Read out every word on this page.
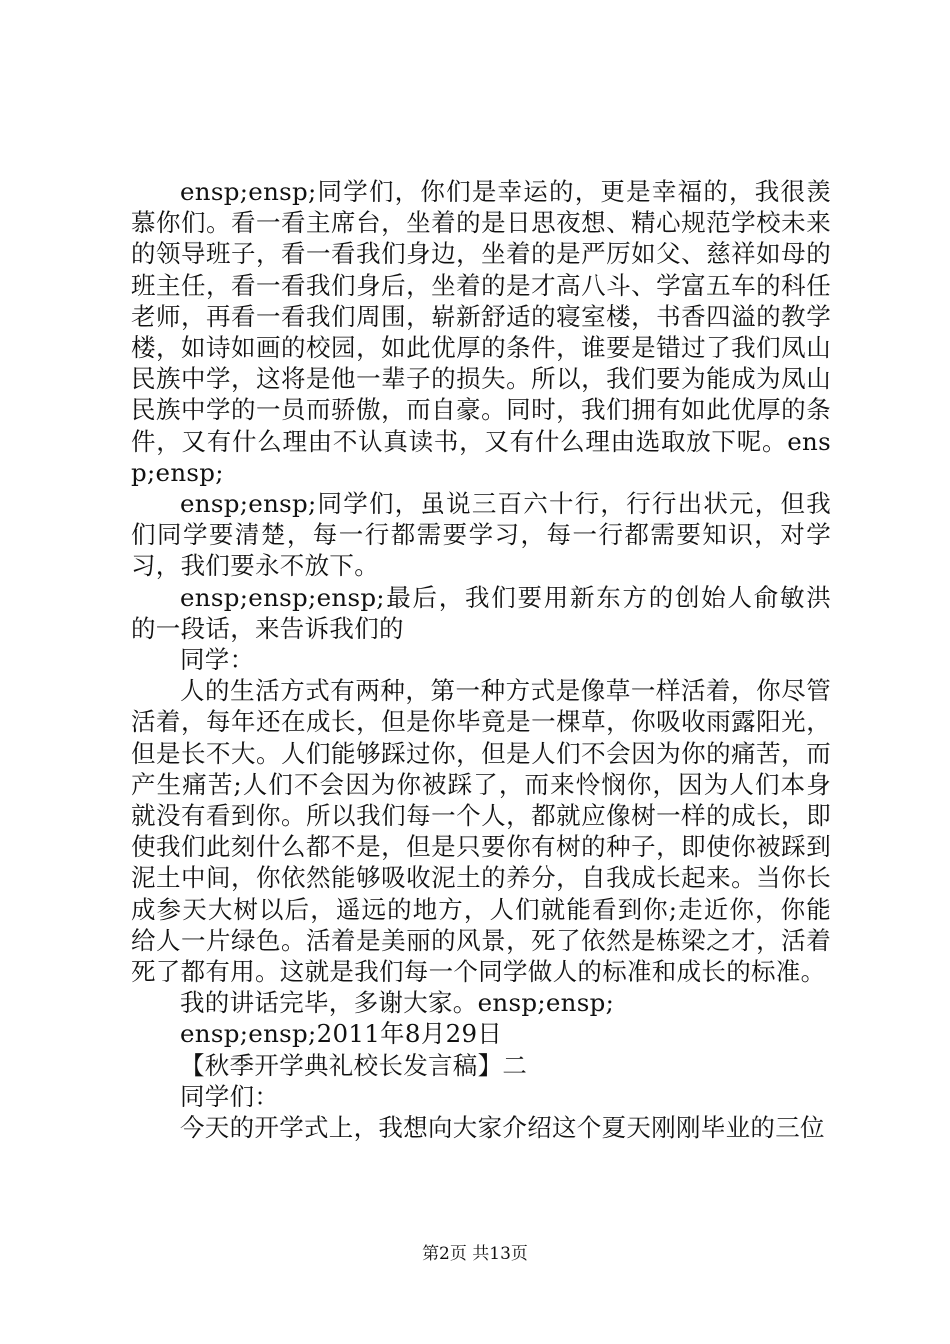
ensp;ensp;同学们，你们是幸运的，更是幸福的，我很羡慕你们。看一看主席台，坐着的是日思夜想、精心规范学校未来的领导班子，看一看我们身边，坐着的是严厉如父、慈祥如母的班主任，看一看我们身后，坐着的是才高八斗、学富五车的科任老师，再看一看我们周围，崭新舒适的寝室楼，书香四溢的教学楼，如诗如画的校园，如此优厚的条件，谁要是错过了我们凤山民族中学，这将是他一辈子的损失。所以，我们要为能成为凤山民族中学的一员而骄傲，而自豪。同时，我们拥有如此优厚的条件，又有什么理由不认真读书，又有什么理由选取放下呢。ensp;ensp;

ensp;ensp;同学们，虽说三百六十行，行行出状元，但我们同学要清楚，每一行都需要学习，每一行都需要知识，对学习，我们要永不放下。

ensp;ensp;ensp;最后，我们要用新东方的创始人俞敏洪的一段话，来告诉我们的

同学：

人的生活方式有两种，第一种方式是像草一样活着，你尽管活着，每年还在成长，但是你毕竟是一棵草，你吸收雨露阳光，但是长不大。人们能够踩过你，但是人们不会因为你的痛苦，而产生痛苦;人们不会因为你被踩了，而来怜悯你，因为人们本身就没有看到你。所以我们每一个人，都就应像树一样的成长，即使我们此刻什么都不是，但是只要你有树的种子，即使你被踩到泥土中间，你依然能够吸收泥土的养分，自我成长起来。当你长成参天大树以后，遥远的地方，人们就能看到你;走近你，你能给人一片绿色。活着是美丽的风景，死了依然是栋梁之才，活着死了都有用。这就是我们每一个同学做人的标准和成长的标准。

我的讲话完毕，多谢大家。ensp;ensp;

ensp;ensp;2011年8月29日

【秋季开学典礼校长发言稿】二

同学们：

今天的开学式上，我想向大家介绍这个夏天刚刚毕业的三位

第2页 共13页
